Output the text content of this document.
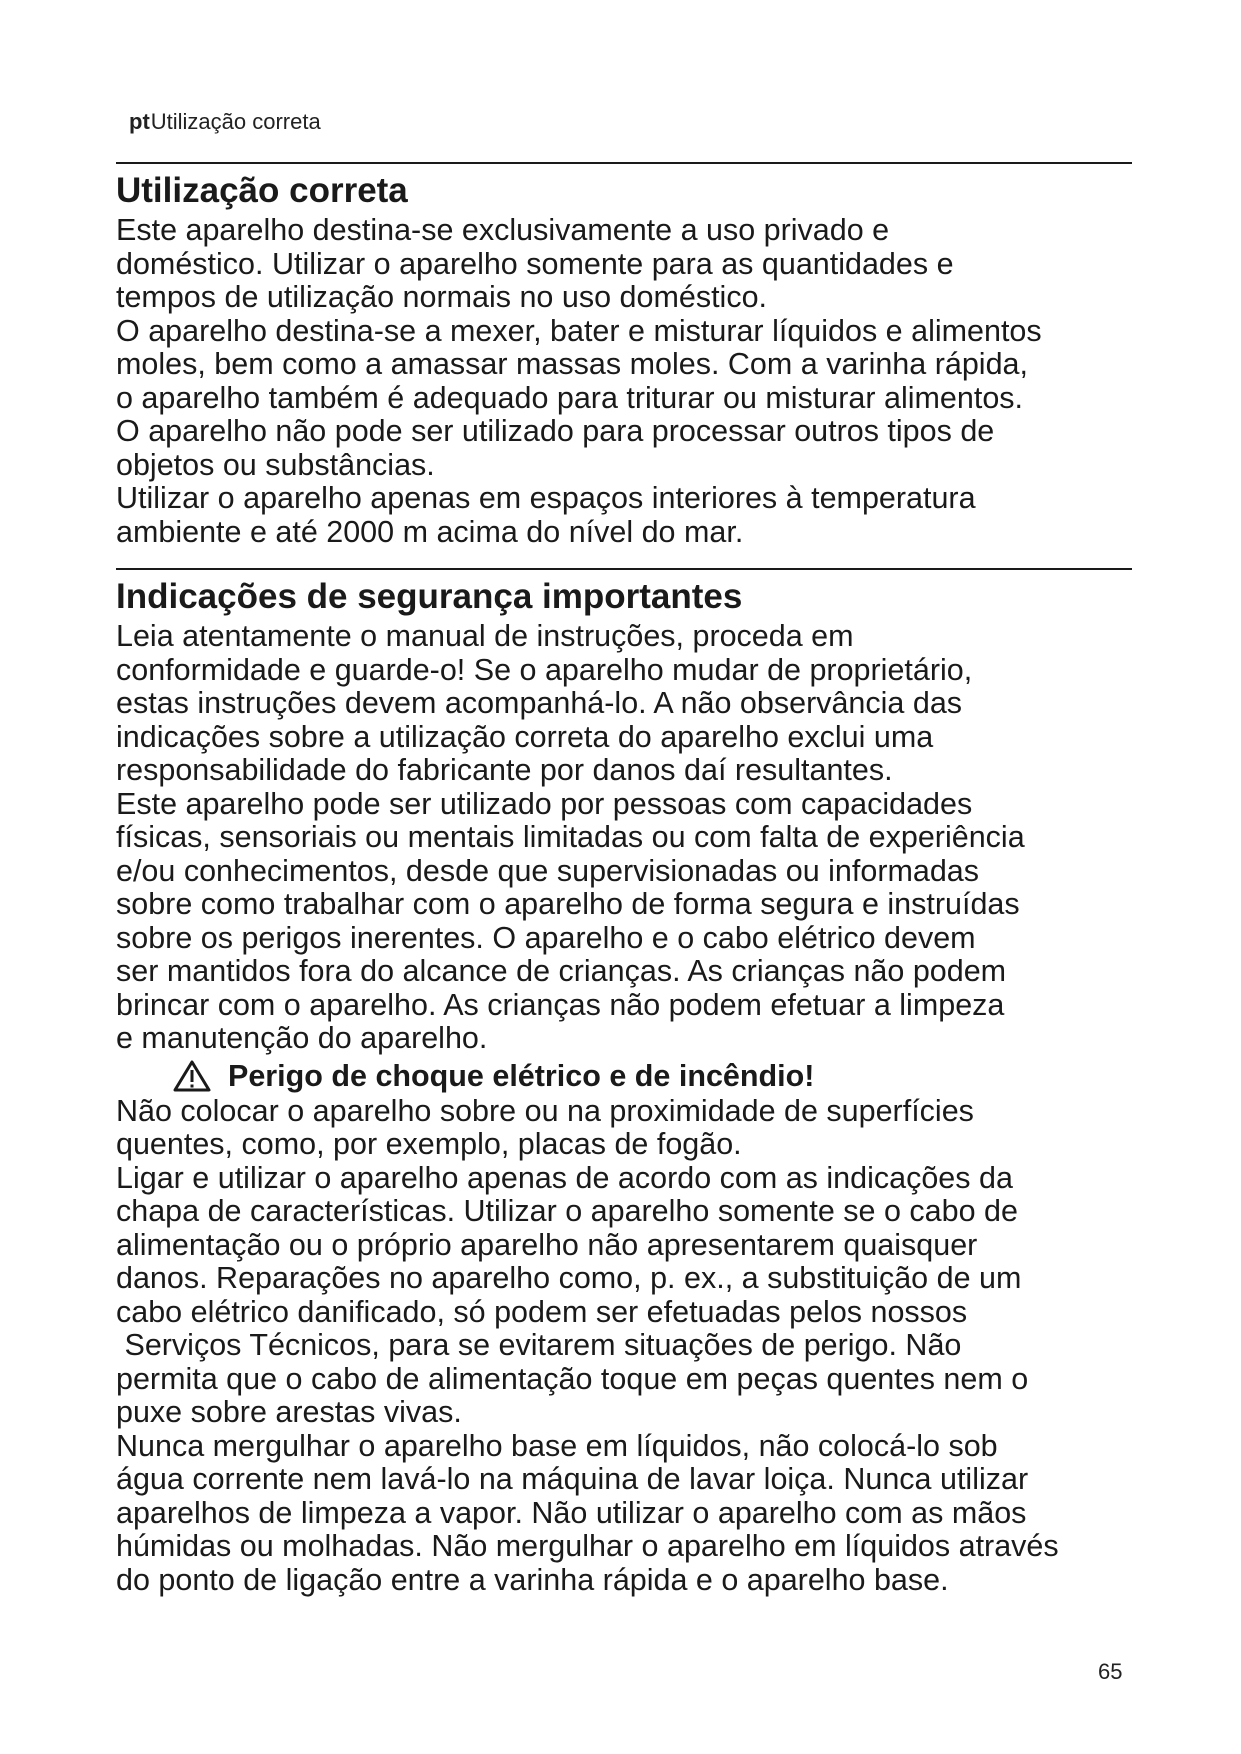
ptUtilização correta
Utilização correta

Este aparelho destina-se exclusivamente a uso privado e

doméstico. Utilizar o aparelho somente para as quantidades e

tempos de utilização normais no uso doméstico.

O aparelho destina-se a mexer, bater e misturar líquidos e alimentos

moles, bem como a amassar massas moles. Com a varinha rápida,

o aparelho também é adequado para triturar ou misturar alimentos.

O aparelho não pode ser utilizado para processar outros tipos de

objetos ou substâncias.

Utilizar o aparelho apenas em espaços interiores à temperatura

ambiente e até 2000 m acima do nível do mar.

Indicações de segurança importantes

Leia atentamente o manual de instruções, proceda em

conformidade e guarde-o! Se o aparelho mudar de proprietário,

estas instruções devem acompanhá-lo. A não observância das

indicações sobre a utilização correta do aparelho exclui uma

responsabilidade do fabricante por danos daí resultantes.

Este aparelho pode ser utilizado por pessoas com capacidades

físicas, sensoriais ou mentais limitadas ou com falta de experiência

e/ou conhecimentos, desde que supervisionadas ou informadas

sobre como trabalhar com o aparelho de forma segura e instruídas

sobre os perigos inerentes. O aparelho e o cabo elétrico devem

ser mantidos fora do alcance de crianças. As crianças não podem

brincar com o aparelho. As crianças não podem efetuar a limpeza

e manutenção do aparelho.

Perigo de choque elétrico e de incêndio!

Não colocar o aparelho sobre ou na proximidade de superfícies

quentes, como, por exemplo, placas de fogão.

Ligar e utilizar o aparelho apenas de acordo com as indicações da

chapa de características. Utilizar o aparelho somente se o cabo de

alimentação ou o próprio aparelho não apresentarem quaisquer

danos. Reparações no aparelho como, p. ex., a substituição de um

cabo elétrico danificado, só podem ser efetuadas pelos nossos

Serviços Técnicos, para se evitarem situações de perigo. Não

permita que o cabo de alimentação toque em peças quentes nem o

puxe sobre arestas vivas.

Nunca mergulhar o aparelho base em líquidos, não colocá-lo sob

água corrente nem lavá-lo na máquina de lavar loiça. Nunca utilizar

aparelhos de limpeza a vapor. Não utilizar o aparelho com as mãos

húmidas ou molhadas. Não mergulhar o aparelho em líquidos através

do ponto de ligação entre a varinha rápida e o aparelho base.

65
